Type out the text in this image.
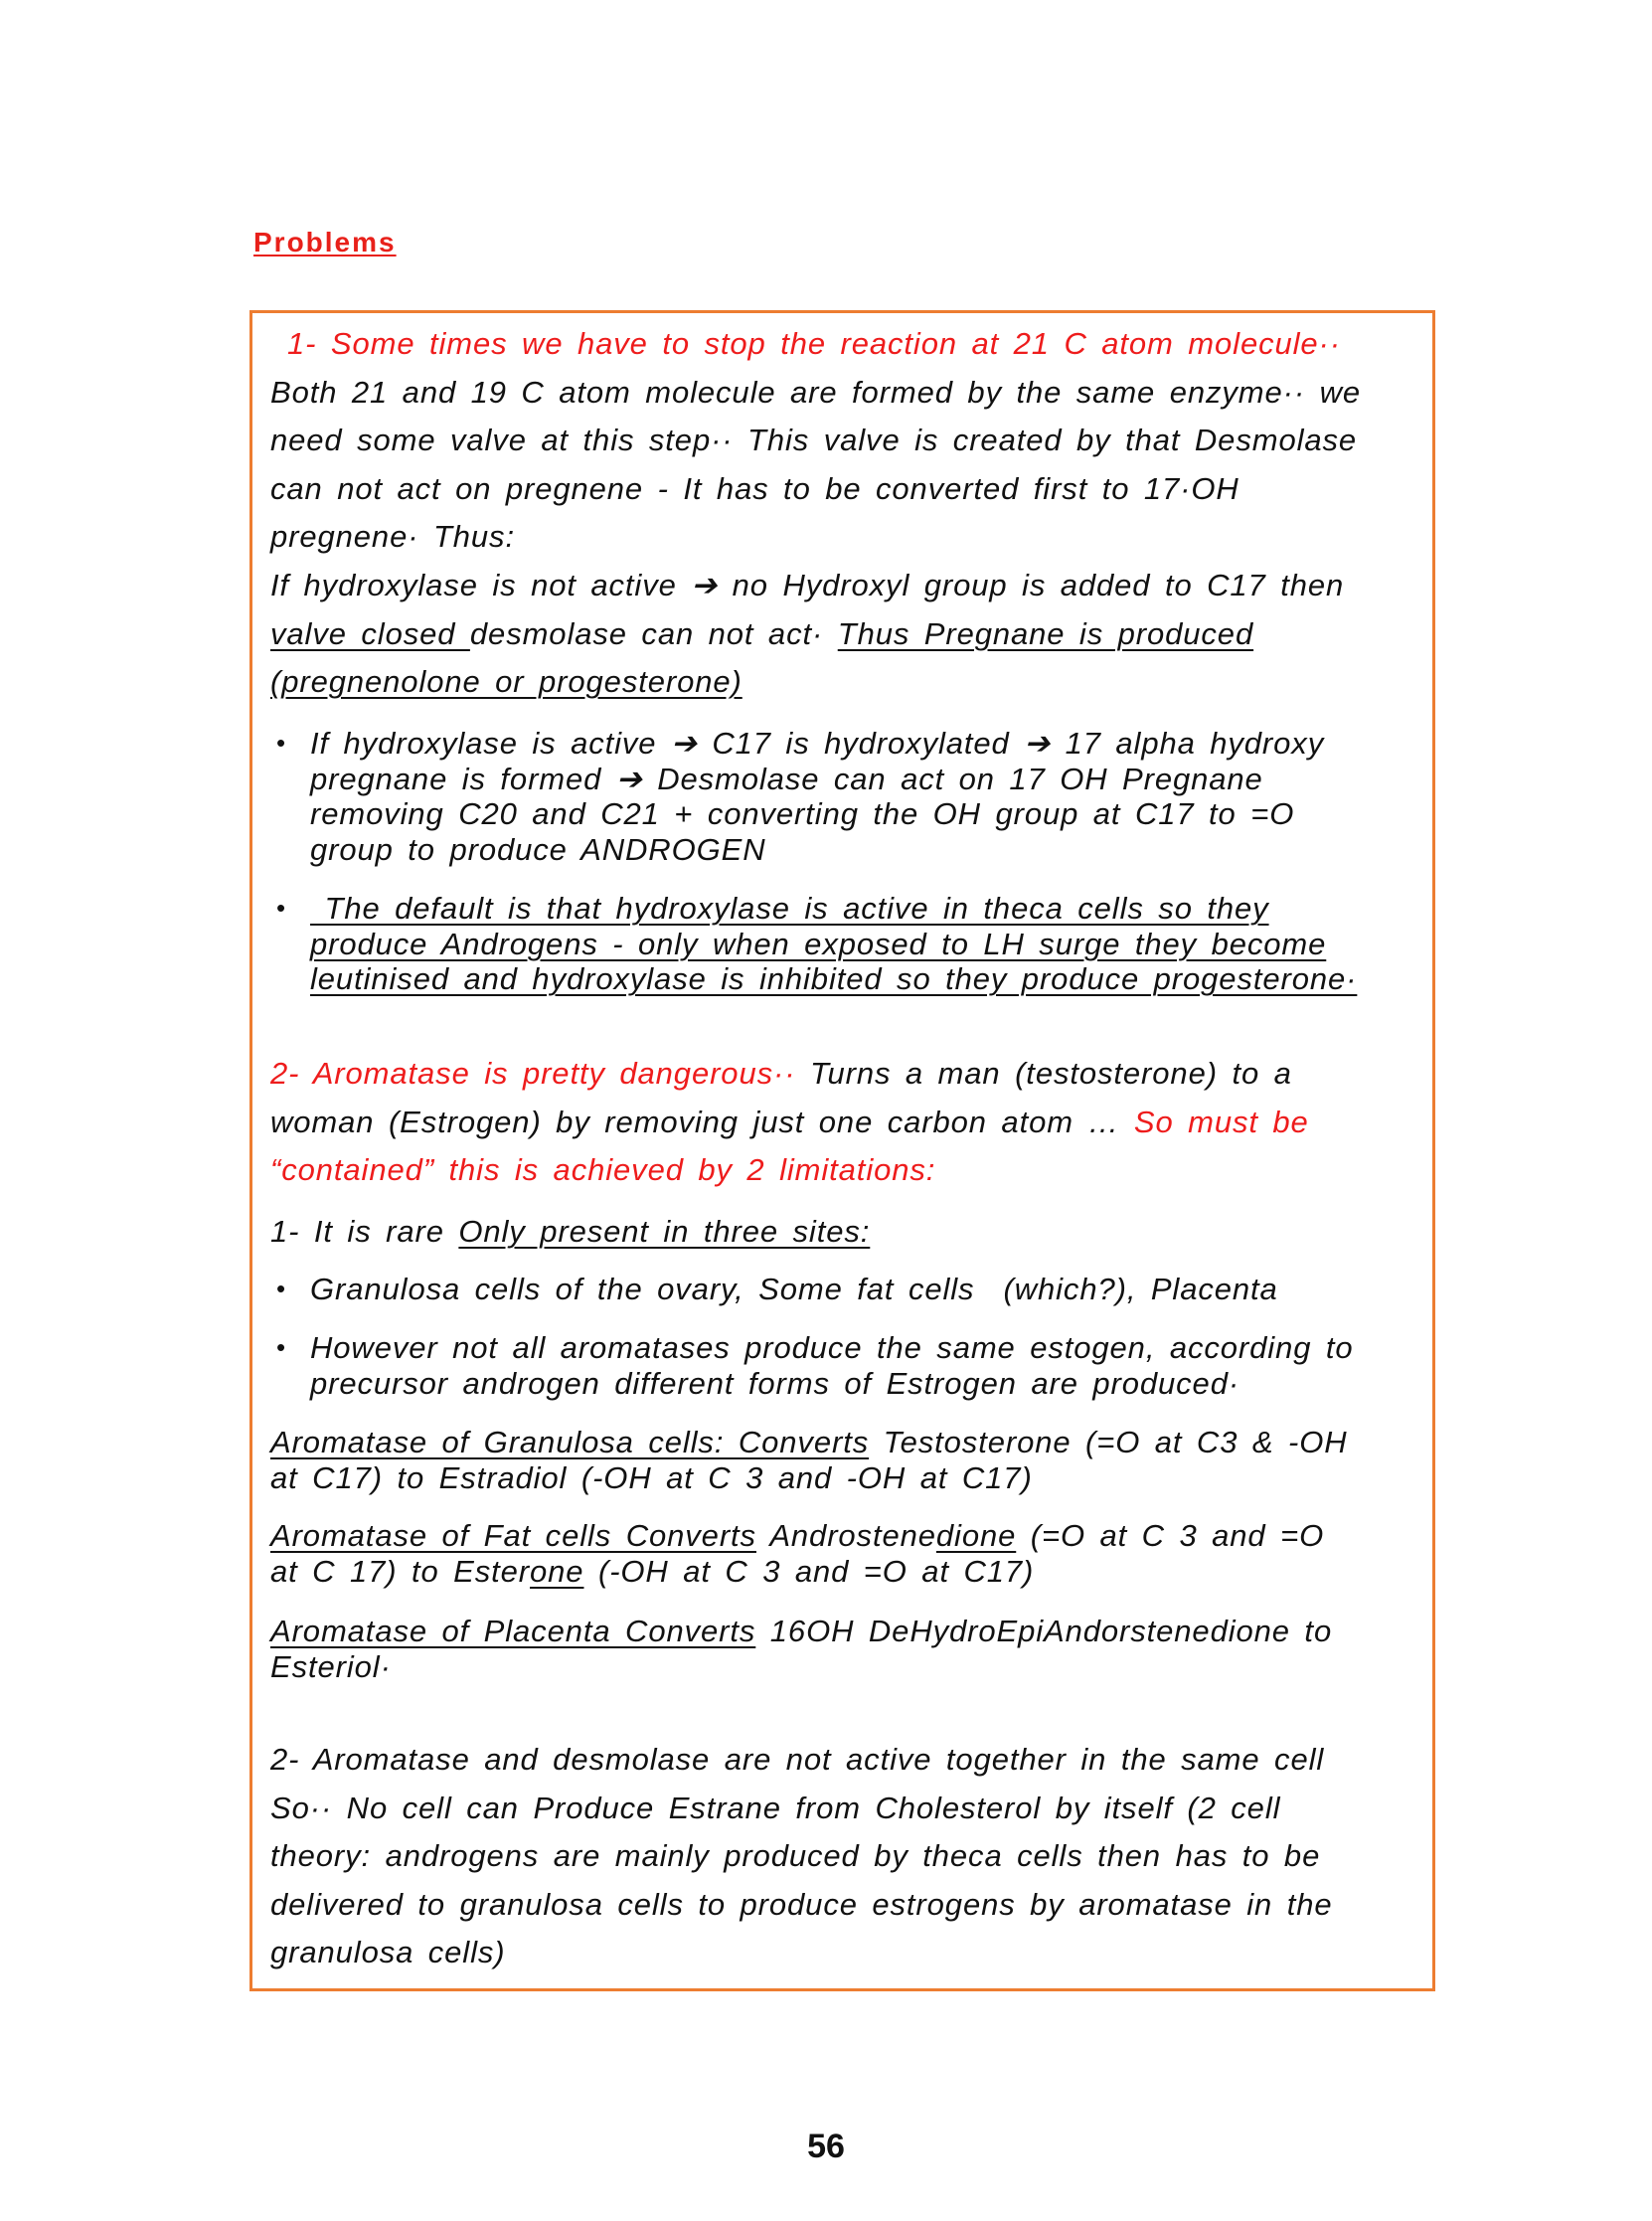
Problems
1- Some times we have to stop the reaction at 21 C atom molecule··
Both 21 and 19 C atom molecule are formed by the same enzyme·· we
need some valve at this step·· This valve is created by that Desmolase
can not act on pregnene - It has to be converted first to 17·OH
pregnene· Thus:
If hydroxylase is not active ➔ no Hydroxyl group is added to C17 then
valve closed desmolase can not act· Thus Pregnane is produced
(pregnenolone or progesterone)
• If hydroxylase is active ➔ C17 is hydroxylated ➔ 17 alpha hydroxy
pregnane is formed ➔ Desmolase can act on 17 OH Pregnane
removing C20 and C21 + converting the OH group at C17 to =O
group to produce ANDROGEN
• The default is that hydroxylase is active in theca cells so they
produce Androgens - only when exposed to LH surge they become
leutinised and hydroxylase is inhibited so they produce progesterone·
2- Aromatase is pretty dangerous·· Turns a man (testosterone) to a
woman (Estrogen) by removing just one carbon atom … So must be
“contained” this is achieved by 2 limitations:
1- It is rare Only present in three sites:
• Granulosa cells of the ovary, Some fat cells  (which?), Placenta
• However not all aromatases produce the same estogen, according to
precursor androgen different forms of Estrogen are produced·
Aromatase of Granulosa cells: Converts Testosterone (=O at C3 & -OH
at C17) to Estradiol (-OH at C 3 and -OH at C17)
Aromatase of Fat cells Converts Androstenedione (=O at C 3 and =O
at C 17) to Esterone (-OH at C 3 and =O at C17)
Aromatase of Placenta Converts 16OH DeHydroEpiAndorstenedione to
Esteriol·
2- Aromatase and desmolase are not active together in the same cell
So·· No cell can Produce Estrane from Cholesterol by itself (2 cell
theory: androgens are mainly produced by theca cells then has to be
delivered to granulosa cells to produce estrogens by aromatase in the
granulosa cells)
56
